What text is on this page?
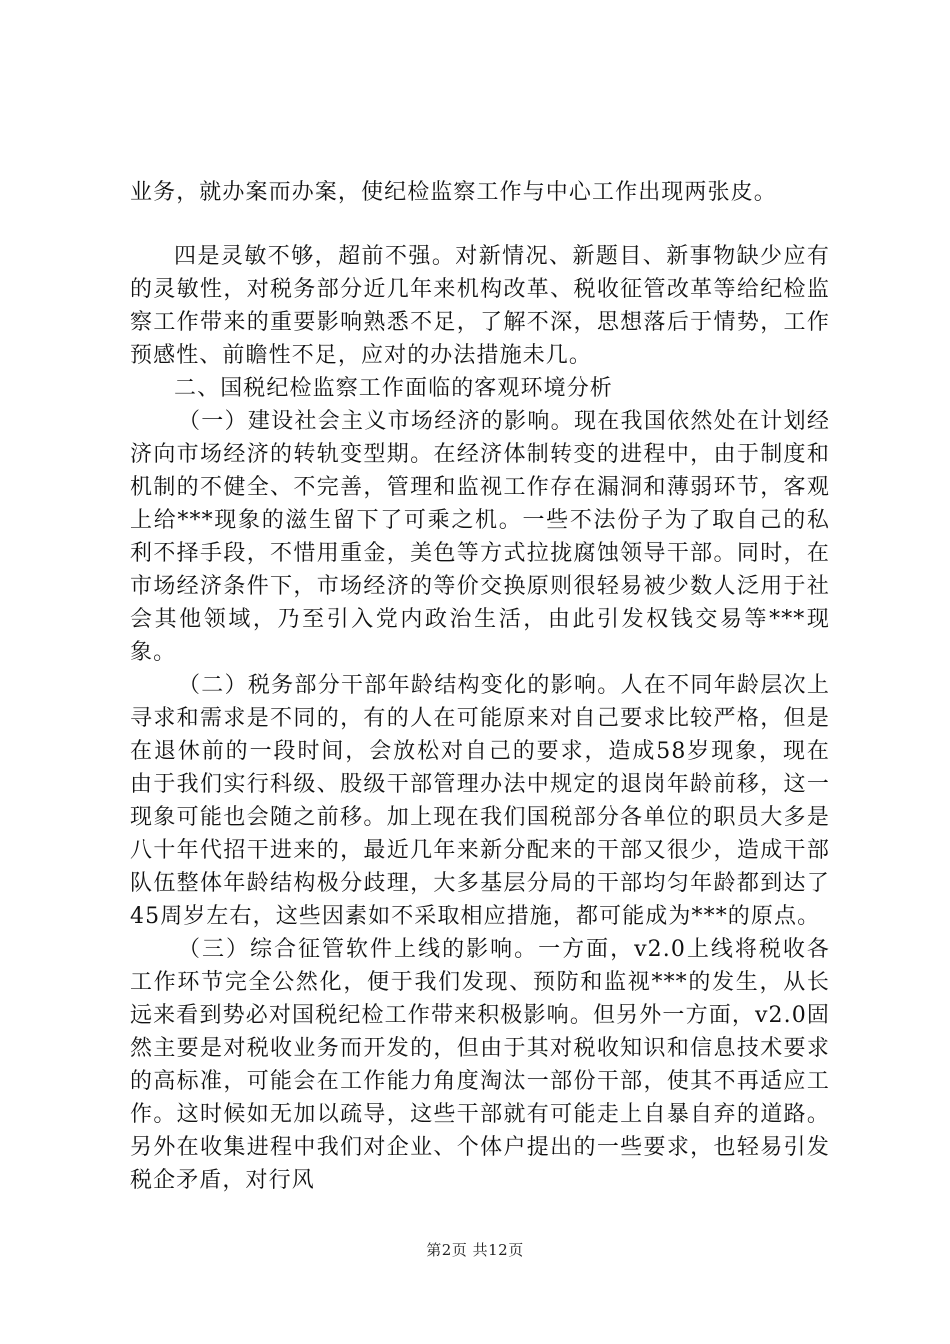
业务，就办案而办案，使纪检监察工作与中心工作出现两张皮。

四是灵敏不够，超前不强。对新情况、新题目、新事物缺少应有的灵敏性，对税务部分近几年来机构改革、税收征管改革等给纪检监察工作带来的重要影响熟悉不足，了解不深，思想落后于情势，工作预感性、前瞻性不足，应对的办法措施未几。

二、国税纪检监察工作面临的客观环境分析

（一）建设社会主义市场经济的影响。现在我国依然处在计划经济向市场经济的转轨变型期。在经济体制转变的进程中，由于制度和机制的不健全、不完善，管理和监视工作存在漏洞和薄弱环节，客观上给***现象的滋生留下了可乘之机。一些不法份子为了取自己的私利不择手段，不惜用重金，美色等方式拉拢腐蚀领导干部。同时，在市场经济条件下，市场经济的等价交换原则很轻易被少数人泛用于社会其他领域，乃至引入党内政治生活，由此引发权钱交易等***现象。

（二）税务部分干部年龄结构变化的影响。人在不同年龄层次上寻求和需求是不同的，有的人在可能原来对自己要求比较严格，但是在退休前的一段时间，会放松对自己的要求，造成58岁现象，现在由于我们实行科级、股级干部管理办法中规定的退岗年龄前移，这一现象可能也会随之前移。加上现在我们国税部分各单位的职员大多是八十年代招干进来的，最近几年来新分配来的干部又很少，造成干部队伍整体年龄结构极分歧理，大多基层分局的干部均匀年龄都到达了45周岁左右，这些因素如不采取相应措施，都可能成为***的原点。

（三）综合征管软件上线的影响。一方面，v2.0上线将税收各工作环节完全公然化，便于我们发现、预防和监视***的发生，从长远来看到势必对国税纪检工作带来积极影响。但另外一方面，v2.0固然主要是对税收业务而开发的，但由于其对税收知识和信息技术要求的高标准，可能会在工作能力角度淘汰一部份干部，使其不再适应工作。这时候如无加以疏导，这些干部就有可能走上自暴自弃的道路。另外在收集进程中我们对企业、个体户提出的一些要求，也轻易引发税企矛盾，对行风

第2页 共12页
